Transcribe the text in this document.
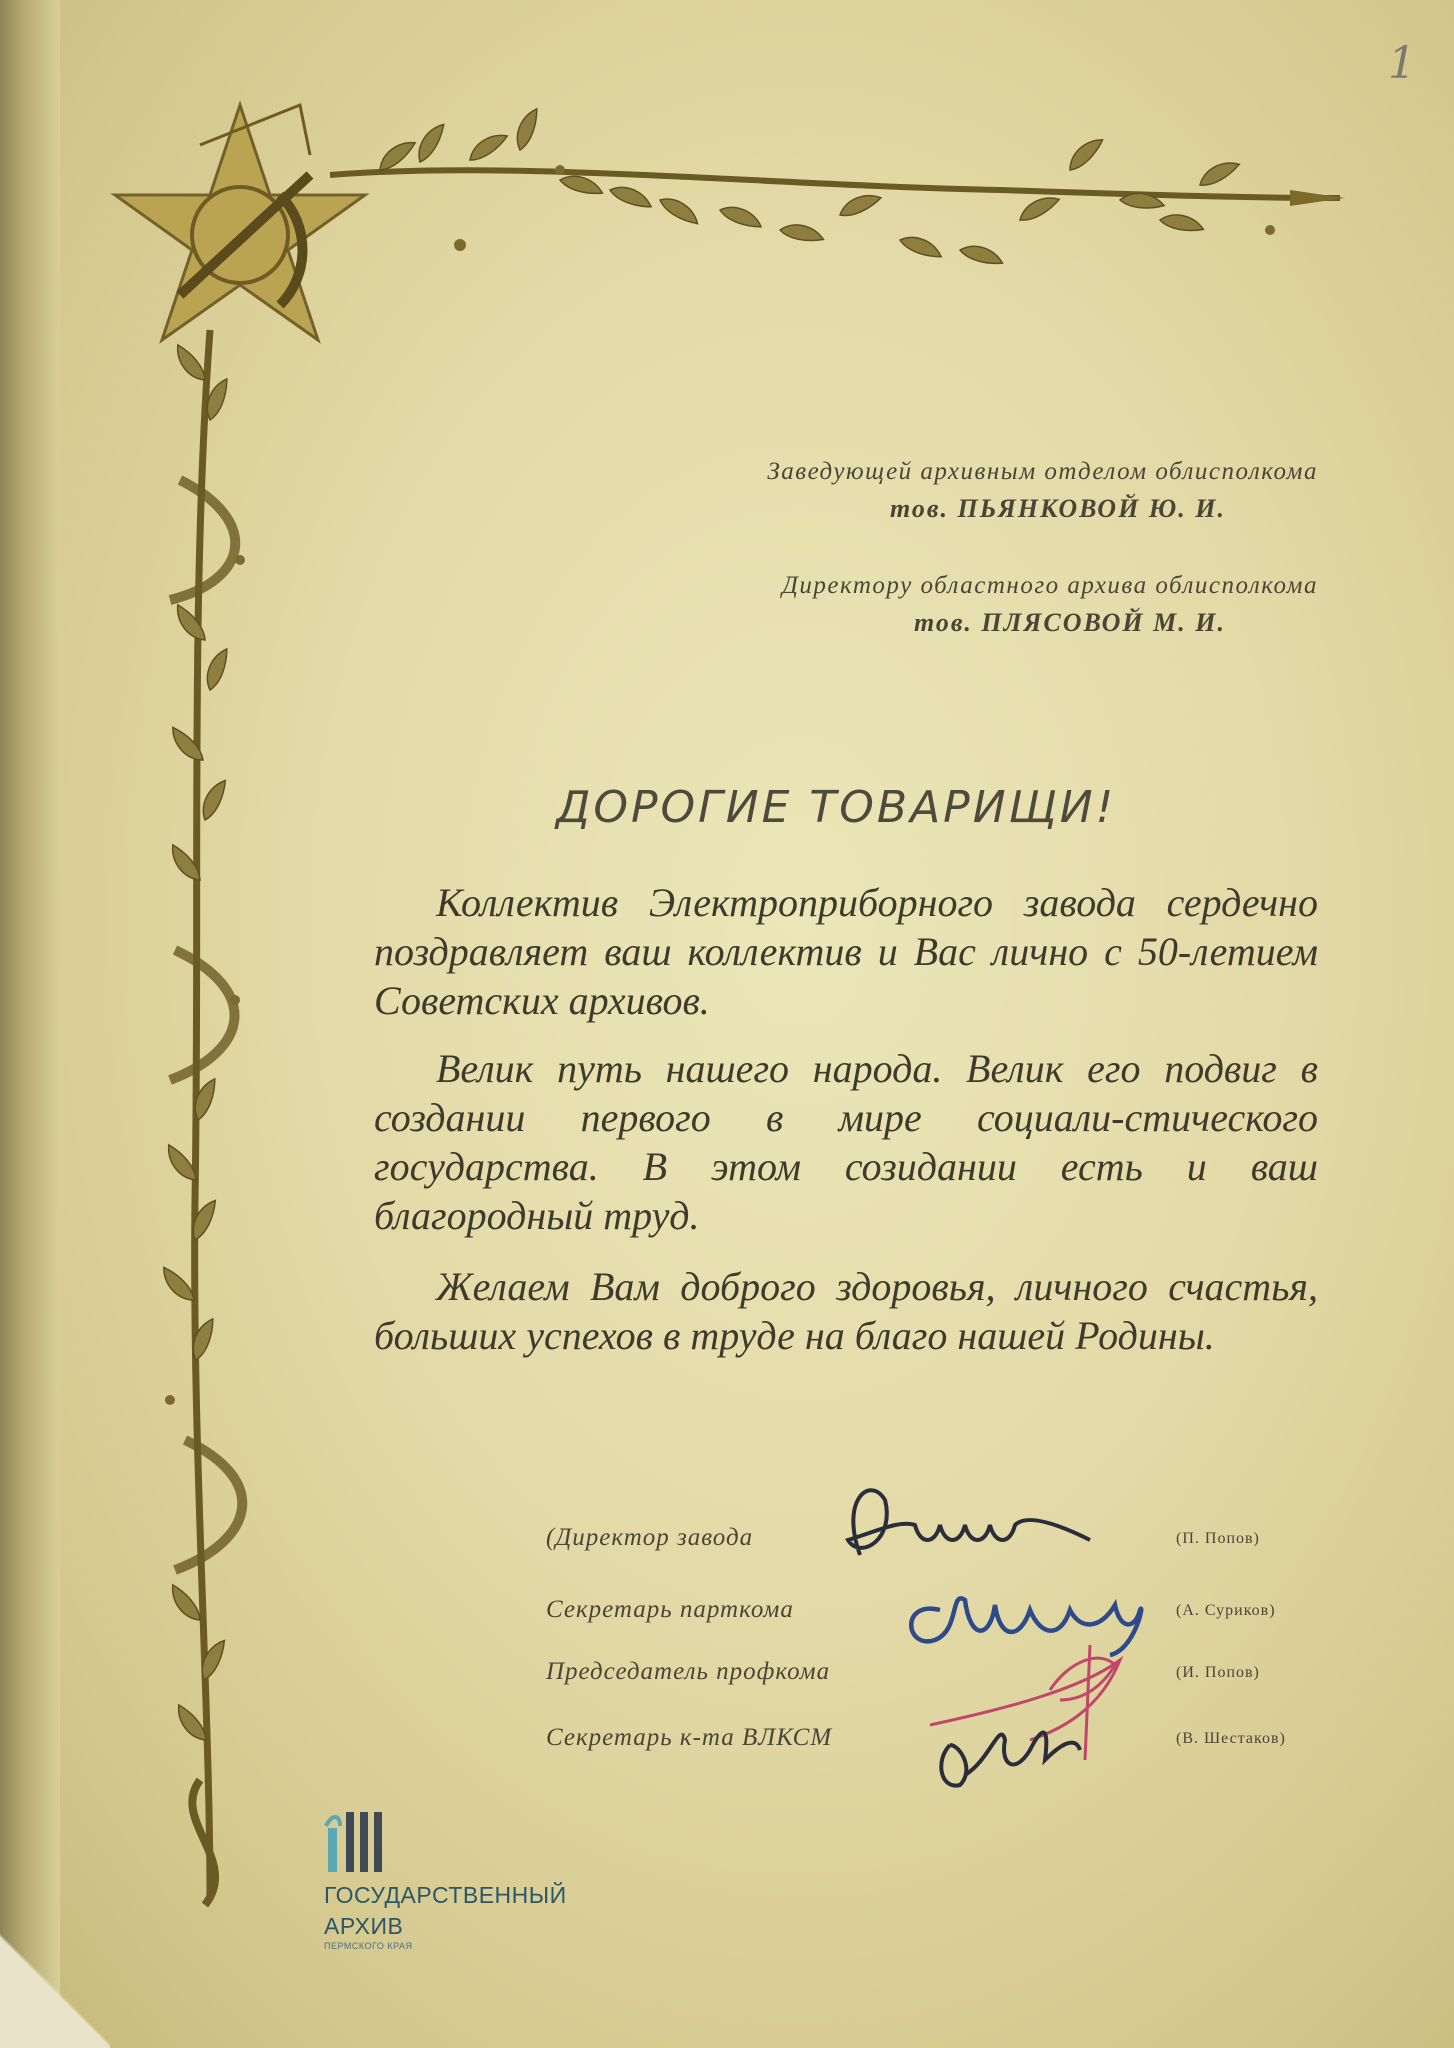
1
Заведующей архивным отделом облисполкома
тов. ПЬЯНКОВОЙ Ю. И.
Директору областного архива облисполкома
тов. ПЛЯСОВОЙ М. И.
ДОРОГИЕ ТОВАРИЩИ!

Коллектив Электроприборного завода сердечно поздравляет ваш коллектив и Вас лично с 50-летием Советских архивов.

Велик путь нашего народа. Велик его подвиг в создании первого в мире социали-стического государства. В этом созидании есть и ваш благородный труд.

Желаем Вам доброго здоровья, личного счастья, больших успехов в труде на благо нашей Родины.

(Директор завода	(П. Попов)
Секретарь парткома	(А. Суриков)
Председатель профкома	(И. Попов)
Секретарь к-та ВЛКСМ	(В. Шестаков)
ГОСУДАРСТВЕННЫЙ
АРХИВ
ПЕРМСКОГО КРАЯ
